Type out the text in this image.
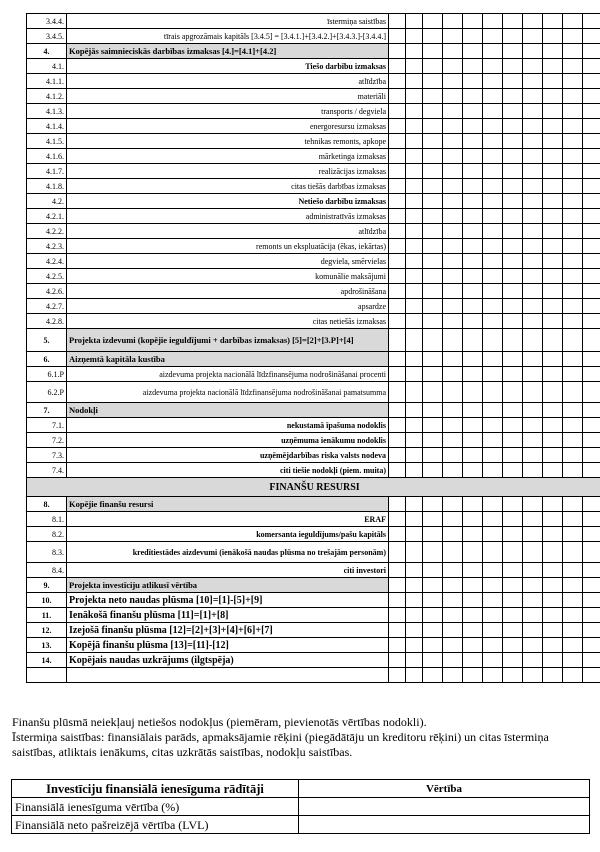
3.4.4.	īstermiņa saistības											
3.4.5.	tīrais apgrozāmais kapitāls [3.4.5] = [3.4.1.]+[3.4.2.]+[3.4.3.]-[3.4.4.]											
4.	Kopējās saimnieciskās darbības izmaksas [4.]=[4.1]+[4.2]											
4.1.	Tiešo darbību izmaksas											
4.1.1.	atlīdzība											
4.1.2.	materiāli											
4.1.3.	transports / degviela											
4.1.4.	energoresursu izmaksas											
4.1.5.	tehnikas remonts, apkope											
4.1.6.	mārketinga izmaksas											
4.1.7.	realizācijas izmaksas											
4.1.8.	citas tiešās darbības izmaksas											
4.2.	Netiešo darbību izmaksas											
4.2.1.	administratīvās izmaksas											
4.2.2.	atlīdzība											
4.2.3.	remonts un ekspluatācija (ēkas, iekārtas)											
4.2.4.	degviela, smērvielas											
4.2.5.	komunālie maksājumi											
4.2.6.	apdrošināšana											
4.2.7.	apsardze											
4.2.8.	citas netiešās izmaksas											
5.	Projekta izdevumi (kopējie ieguldījumi + darbības izmaksas) [5]=[2]+[3.P]+[4]											
6.	Aizņemtā kapitāla kustība											
6.1.P	aizdevuma projekta nacionālā līdzfinansējuma nodrošināšanai procenti											
6.2.P	aizdevuma projekta nacionālā līdzfinansējuma nodrošināšanai pamatsumma											
7.	Nodokļi											
7.1.	nekustamā īpašuma nodoklis											
7.2.	uzņēmuma ienākumu nodoklis											
7.3.	uzņēmējdarbības riska valsts nodeva											
7.4.	citi tiešie nodokļi (piem. muita)											
FINANŠU RESURSI												
8.	Kopējie finanšu resursi											
8.1.	ERAF											
8.2.	komersanta ieguldījums/pašu kapitāls											
8.3.	kredītiestādes aizdevumi (ienākošā naudas plūsma no trešajām personām)											
8.4.	citi investori											
9.	Projekta investīciju atlikusī vērtība											
10.	Projekta neto naudas plūsma [10]=[1]-[5]+[9]											
11.	Ienākošā finanšu plūsma [11]=[1]+[8]											
12.	Izejošā finanšu plūsma [12]=[2]+[3]+[4]+[6]+[7]											
13.	Kopējā finanšu plūsma [13]=[11]-[12]											
14.	Kopējais naudas uzkrājums (ilgtspēja)											

Finanšu plūsmā neiekļauj netiešos nodokļus (piemēram, pievienotās vērtības nodokli).

Īstermiņa saistības: finansiālais parāds, apmaksājamie rēķini (piegādātāju un kreditoru rēķini) un citas īstermiņa saistības, atliktais ienākums, citas uzkrātās saistības, nodokļu saistības.

Investīciju finansiālā ienesīguma rādītāji	Vērtība
Finansiālā ienesīguma vērtība (%)	
Finansiālā neto pašreizējā vērtība (LVL)	
